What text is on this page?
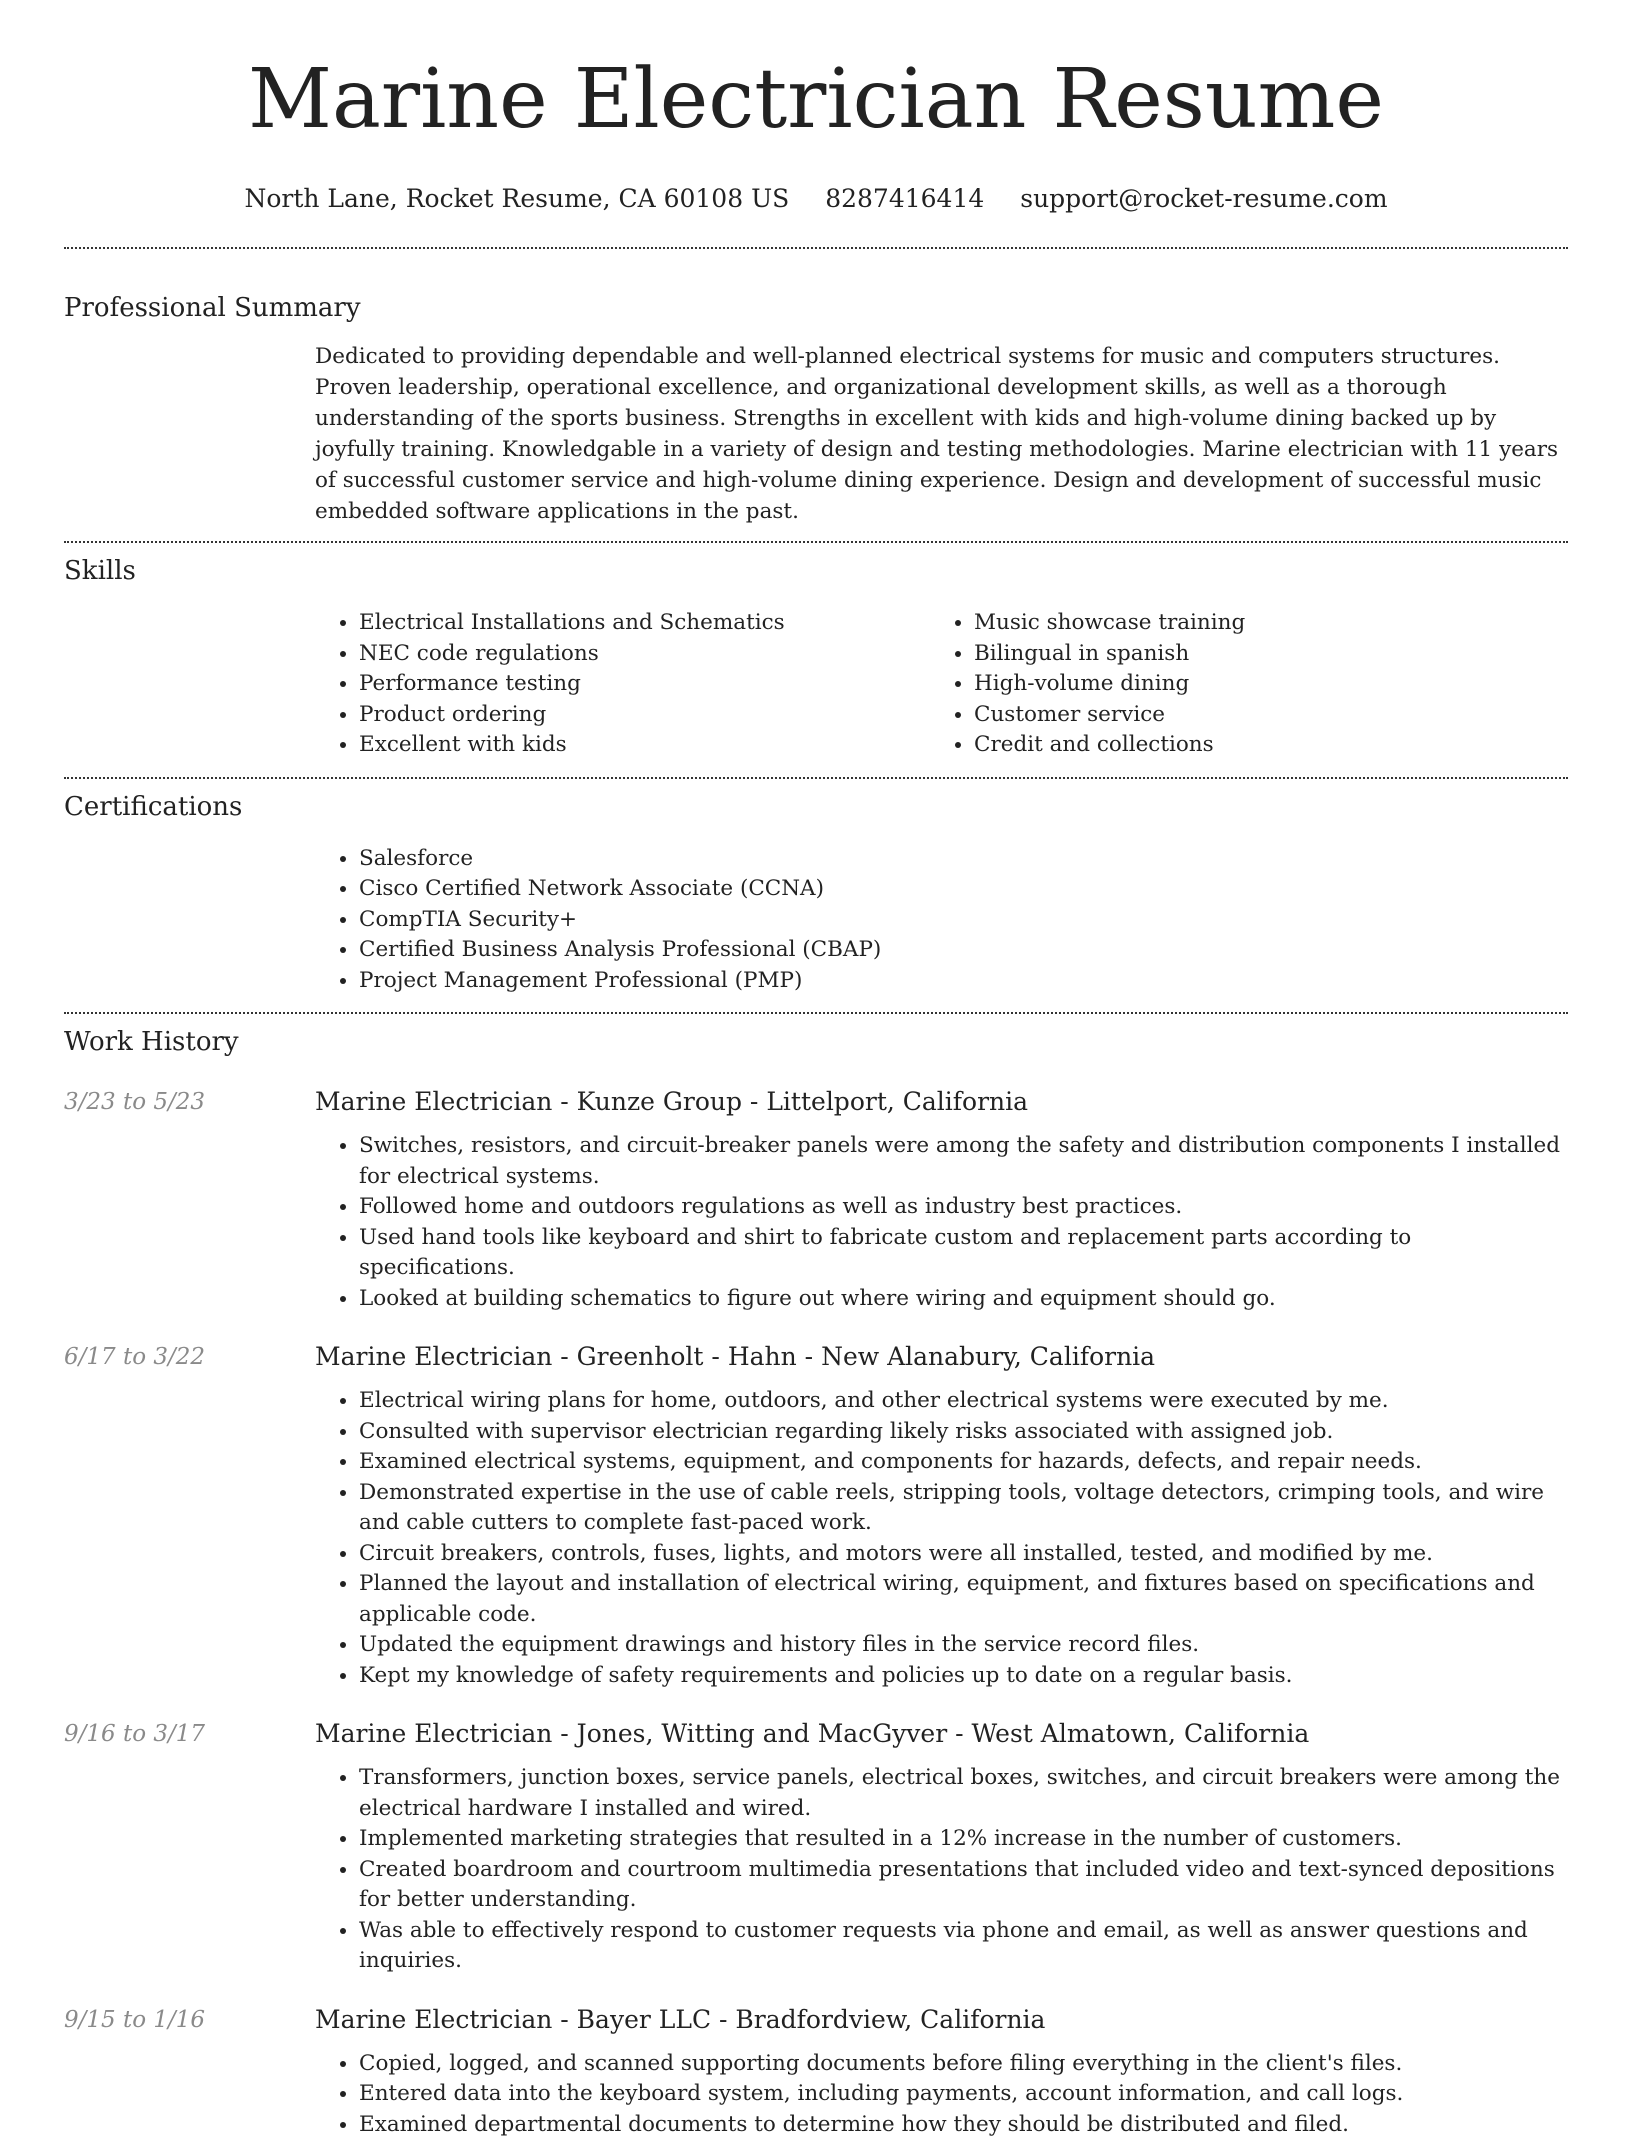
Marine Electrician Resume
North Lane, Rocket Resume, CA 60108 US 8287416414 support@rocket-resume.com
Professional Summary
Dedicated to providing dependable and well-planned electrical systems for music and computers structures. Proven leadership, operational excellence, and organizational development skills, as well as a thorough understanding of the sports business. Strengths in excellent with kids and high-volume dining backed up by joyfully training. Knowledgable in a variety of design and testing methodologies. Marine electrician with 11 years of successful customer service and high-volume dining experience. Design and development of successful music embedded software applications in the past.
Skills
• Electrical Installations and Schematics
• NEC code regulations
• Performance testing
• Product ordering
• Excellent with kids
• Music showcase training
• Bilingual in spanish
• High-volume dining
• Customer service
• Credit and collections
Certifications
• Salesforce
• Cisco Certified Network Associate (CCNA)
• CompTIA Security+
• Certified Business Analysis Professional (CBAP)
• Project Management Professional (PMP)
Work History
3/23 to 5/23	Marine Electrician - Kunze Group - Littelport, California
• Switches, resistors, and circuit-breaker panels were among the safety and distribution components I installed for electrical systems.
• Followed home and outdoors regulations as well as industry best practices.
• Used hand tools like keyboard and shirt to fabricate custom and replacement parts according to specifications.
• Looked at building schematics to figure out where wiring and equipment should go.
6/17 to 3/22	Marine Electrician - Greenholt - Hahn - New Alanabury, California
• Electrical wiring plans for home, outdoors, and other electrical systems were executed by me.
• Consulted with supervisor electrician regarding likely risks associated with assigned job.
• Examined electrical systems, equipment, and components for hazards, defects, and repair needs.
• Demonstrated expertise in the use of cable reels, stripping tools, voltage detectors, crimping tools, and wire and cable cutters to complete fast-paced work.
• Circuit breakers, controls, fuses, lights, and motors were all installed, tested, and modified by me.
• Planned the layout and installation of electrical wiring, equipment, and fixtures based on specifications and applicable code.
• Updated the equipment drawings and history files in the service record files.
• Kept my knowledge of safety requirements and policies up to date on a regular basis.
9/16 to 3/17	Marine Electrician - Jones, Witting and MacGyver - West Almatown, California
• Transformers, junction boxes, service panels, electrical boxes, switches, and circuit breakers were among the electrical hardware I installed and wired.
• Implemented marketing strategies that resulted in a 12% increase in the number of customers.
• Created boardroom and courtroom multimedia presentations that included video and text-synced depositions for better understanding.
• Was able to effectively respond to customer requests via phone and email, as well as answer questions and inquiries.
9/15 to 1/16	Marine Electrician - Bayer LLC - Bradfordview, California
• Copied, logged, and scanned supporting documents before filing everything in the client's files.
• Entered data into the keyboard system, including payments, account information, and call logs.
• Examined departmental documents to determine how they should be distributed and filed.
